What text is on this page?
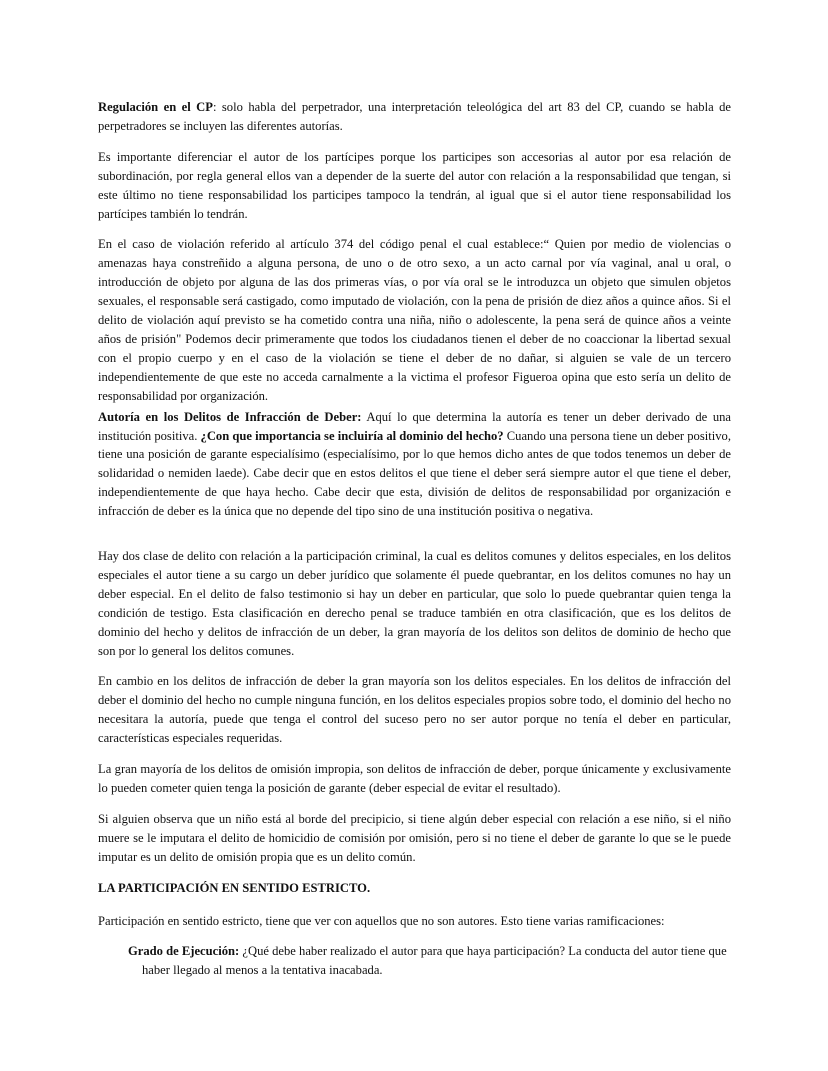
Regulación en el CP: solo habla del perpetrador, una interpretación teleológica del art 83 del CP, cuando se habla de perpetradores se incluyen las diferentes autorías.

Es importante diferenciar el autor de los partícipes porque los participes son accesorias al autor por esa relación de subordinación, por regla general ellos van a depender de la suerte del autor con relación a la responsabilidad que tengan, si este último no tiene responsabilidad los participes tampoco la tendrán, al igual que si el autor tiene responsabilidad los partícipes también lo tendrán.

En el caso de violación referido al artículo 374 del código penal el cual establece:“ Quien por medio de violencias o amenazas haya constreñido a alguna persona, de uno o de otro sexo, a un acto carnal por vía vaginal, anal u oral, o introducción de objeto por alguna de las dos primeras vías, o por vía oral se le introduzca un objeto que simulen objetos sexuales, el responsable será castigado, como imputado de violación, con la pena de prisión de diez años a quince años. Si el delito de violación aquí previsto se ha cometido contra una niña, niño o adolescente, la pena será de quince años a veinte años de prisión" Podemos decir primeramente que todos los ciudadanos tienen el deber de no coaccionar la libertad sexual con el propio cuerpo y en el caso de la violación se tiene el deber de no dañar, si alguien se vale de un tercero independientemente de que este no acceda carnalmente a la victima el profesor Figueroa opina que esto sería un delito de responsabilidad por organización.

Autoría en los Delitos de Infracción de Deber: Aquí lo que determina la autoría es tener un deber derivado de una institución positiva. ¿Con que importancia se incluiría al dominio del hecho? Cuando una persona tiene un deber positivo, tiene una posición de garante especialísimo (especialísimo, por lo que hemos dicho antes de que todos tenemos un deber de solidaridad o nemiden laede). Cabe decir que en estos delitos el que tiene el deber será siempre autor el que tiene el deber, independientemente de que haya hecho. Cabe decir que esta, división de delitos de responsabilidad por organización e infracción de deber es la única que no depende del tipo sino de una institución positiva o negativa.

Hay dos clase de delito con relación a la participación criminal, la cual es delitos comunes y delitos especiales, en los delitos especiales el autor tiene a su cargo un deber jurídico que solamente él puede quebrantar, en los delitos comunes no hay un deber especial. En el delito de falso testimonio si hay un deber en particular, que solo lo puede quebrantar quien tenga la condición de testigo. Esta clasificación en derecho penal se traduce también en otra clasificación, que es los delitos de dominio del hecho y delitos de infracción de un deber, la gran mayoría de los delitos son delitos de dominio de hecho que son por lo general los delitos comunes.

En cambio en los delitos de infracción de deber la gran mayoría son los delitos especiales. En los delitos de infracción del deber el dominio del hecho no cumple ninguna función, en los delitos especiales propios sobre todo, el dominio del hecho no necesitara la autoría, puede que tenga el control del suceso pero no ser autor porque no tenía el deber en particular, características especiales requeridas.

La gran mayoría de los delitos de omisión impropia, son delitos de infracción de deber, porque únicamente y exclusivamente lo pueden cometer quien tenga la posición de garante (deber especial de evitar el resultado).

Si alguien observa que un niño está al borde del precipicio, si tiene algún deber especial con relación a ese niño, si el niño muere se le imputara el delito de homicidio de comisión por omisión, pero si no tiene el deber de garante lo que se le puede imputar es un delito de omisión propia que es un delito común.

LA PARTICIPACIÓN EN SENTIDO ESTRICTO.

Participación en sentido estricto, tiene que ver con aquellos que no son autores. Esto tiene varias ramificaciones:

Grado de Ejecución: ¿Qué debe haber realizado el autor para que haya participación? La conducta del autor tiene que haber llegado al menos a la tentativa inacabada.
